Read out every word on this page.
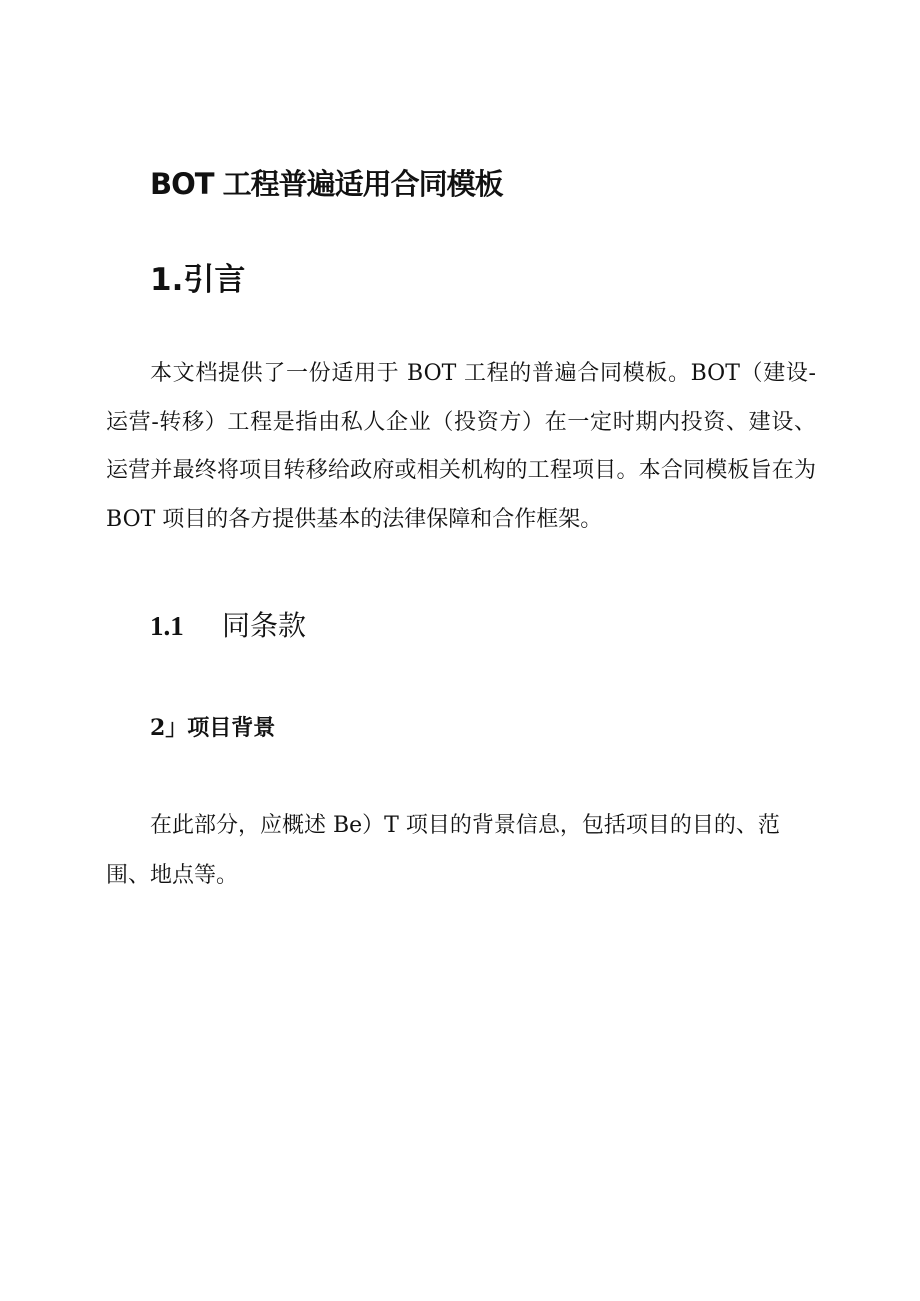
BOT 工程普遍适用合同模板
1.引言

本文档提供了一份适用于 BOT 工程的普遍合同模板。BOT（建设-运营-转移）工程是指由私人企业（投资方）在一定时期内投资、建设、运营并最终将项目转移给政府或相关机构的工程项目。本合同模板旨在为 BOT 项目的各方提供基本的法律保障和合作框架。

1.1 同条款
2」项目背景

在此部分，应概述 Be）T 项目的背景信息，包括项目的目的、范围、地点等。
